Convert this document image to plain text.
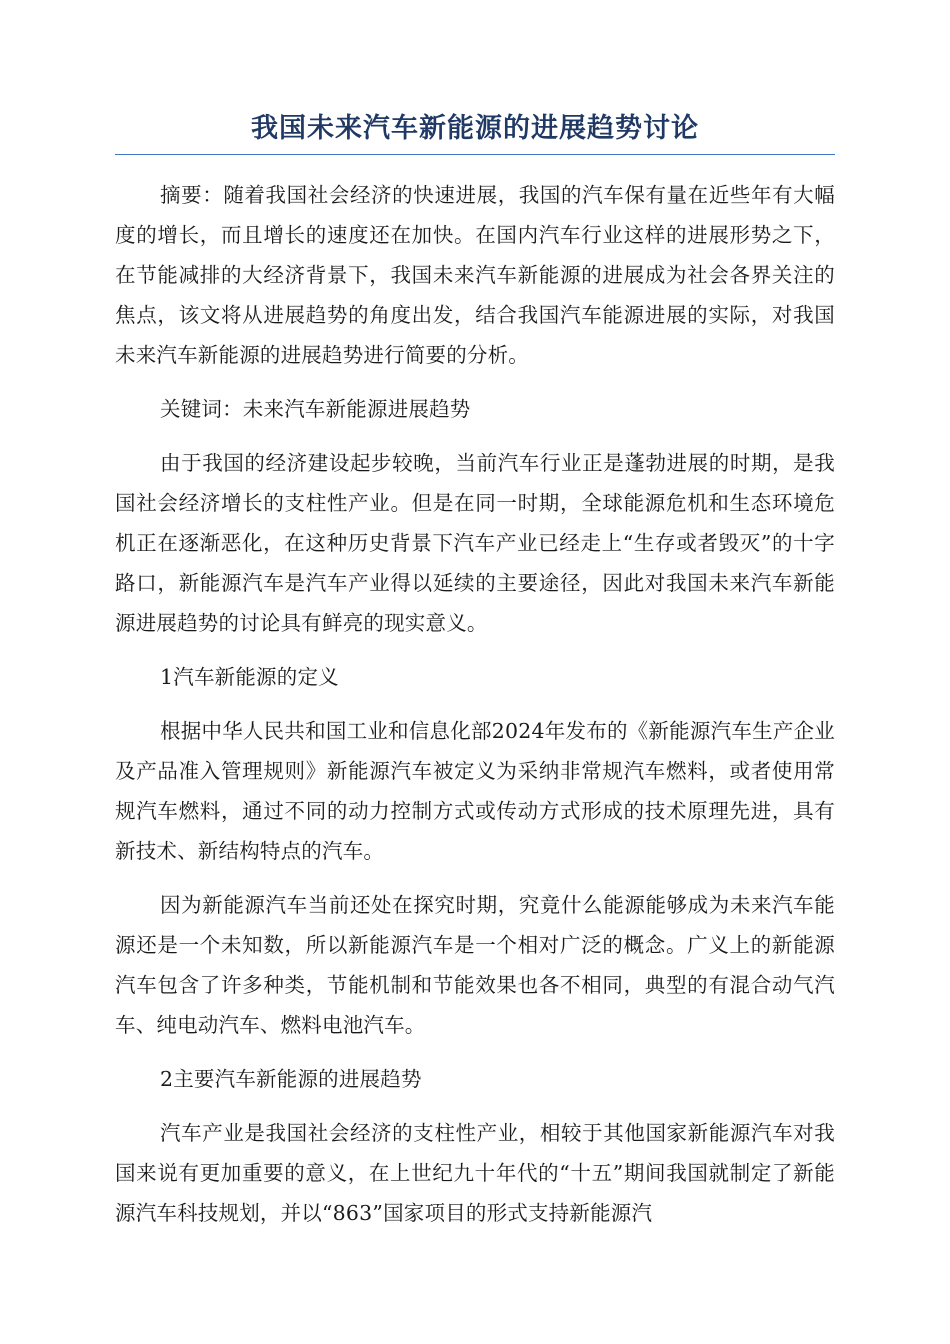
我国未来汽车新能源的进展趋势讨论

摘要：随着我国社会经济的快速进展，我国的汽车保有量在近些年有大幅度的增长，而且增长的速度还在加快。在国内汽车行业这样的进展形势之下，在节能减排的大经济背景下，我国未来汽车新能源的进展成为社会各界关注的焦点，该文将从进展趋势的角度出发，结合我国汽车能源进展的实际，对我国未来汽车新能源的进展趋势进行简要的分析。

关键词：未来汽车新能源进展趋势

由于我国的经济建设起步较晚，当前汽车行业正是蓬勃进展的时期，是我国社会经济增长的支柱性产业。但是在同一时期，全球能源危机和生态环境危机正在逐渐恶化，在这种历史背景下汽车产业已经走上“生存或者毁灭”的十字路口，新能源汽车是汽车产业得以延续的主要途径，因此对我国未来汽车新能源进展趋势的讨论具有鲜亮的现实意义。

1汽车新能源的定义

根据中华人民共和国工业和信息化部2024年发布的《新能源汽车生产企业及产品准入管理规则》新能源汽车被定义为采纳非常规汽车燃料，或者使用常规汽车燃料，通过不同的动力控制方式或传动方式形成的技术原理先进，具有新技术、新结构特点的汽车。

因为新能源汽车当前还处在探究时期，究竟什么能源能够成为未来汽车能源还是一个未知数，所以新能源汽车是一个相对广泛的概念。广义上的新能源汽车包含了许多种类，节能机制和节能效果也各不相同，典型的有混合动气汽车、纯电动汽车、燃料电池汽车。

2主要汽车新能源的进展趋势

汽车产业是我国社会经济的支柱性产业，相较于其他国家新能源汽车对我国来说有更加重要的意义，在上世纪九十年代的“十五”期间我国就制定了新能源汽车科技规划，并以“863”国家项目的形式支持新能源汽
